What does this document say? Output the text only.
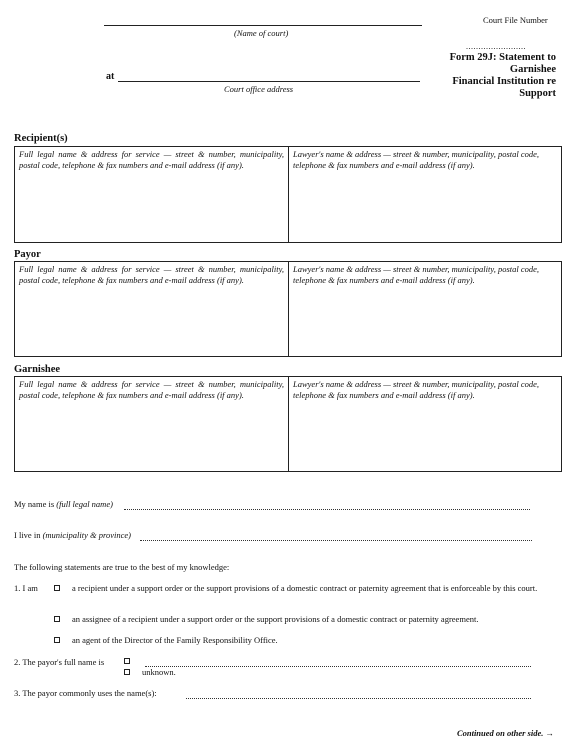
(Name of court)
at
Court office address
Court File Number
........................
Form 29J: Statement to
Garnishee
Financial Institution re
Support
Recipient(s)
Full legal name & address for service — street & number, municipality, postal code, telephone & fax numbers and e-mail address (if any).
Lawyer's name & address — street & number, municipality, postal code, telephone & fax numbers and e-mail address (if any).
Payor
Full legal name & address for service — street & number, municipality, postal code, telephone & fax numbers and e-mail address (if any).
Lawyer's name & address — street & number, municipality, postal code, telephone & fax numbers and e-mail address (if any).
Garnishee
Full legal name & address for service — street & number, municipality, postal code, telephone & fax numbers and e-mail address (if any).
Lawyer's name & address — street & number, municipality, postal code, telephone & fax numbers and e-mail address (if any).
My name is (full legal name)
I live in (municipality & province)
The following statements are true to the best of my knowledge:
1. I am	a recipient under a support order or the support provisions of a domestic contract or paternity agreement that is enforceable by this court.
an assignee of a recipient under a support order or the support provisions of a domestic contract or paternity agreement.
an agent of the Director of the Family Responsibility Office.
2. The payor's full name is
unknown.
3. The payor commonly uses the name(s):
Continued on other side. →
